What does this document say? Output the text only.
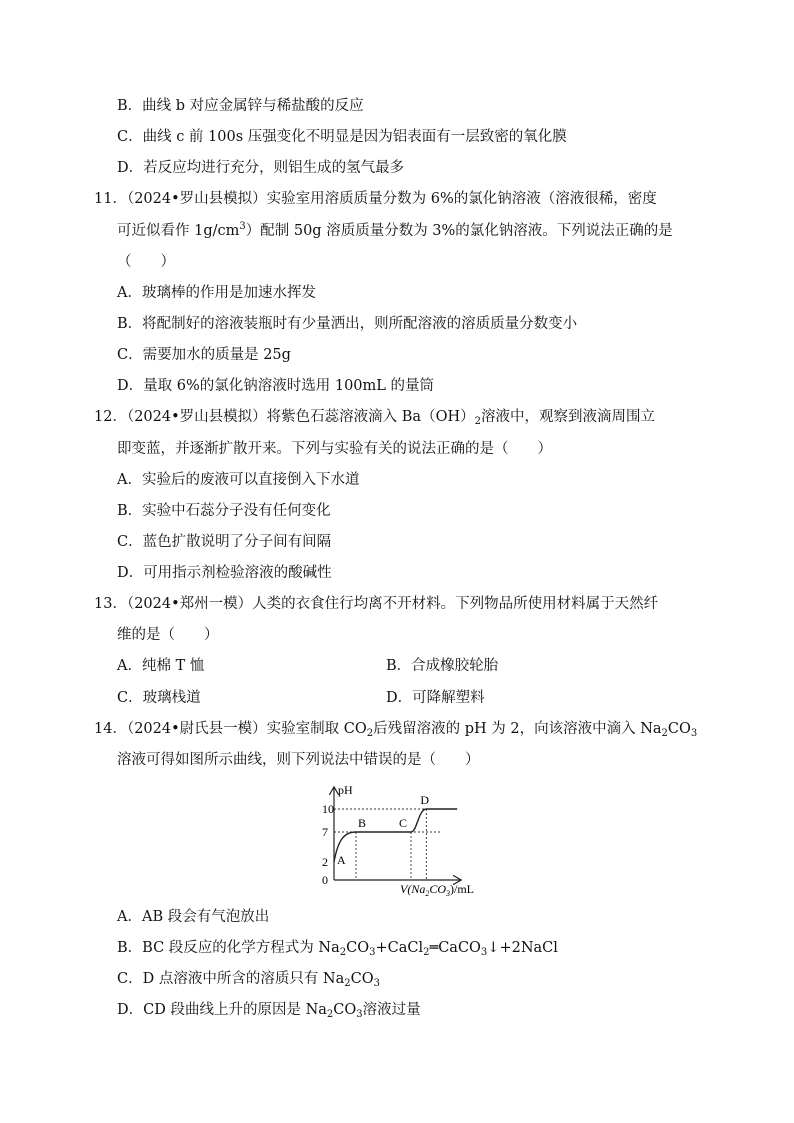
B．曲线 b 对应金属锌与稀盐酸的反应
C．曲线 c 前 100s 压强变化不明显是因为铝表面有一层致密的氧化膜
D．若反应均进行充分，则铝生成的氢气最多
11．（2024•罗山县模拟）实验室用溶质质量分数为 6%的氯化钠溶液（溶液很稀，密度
可近似看作 $1g/cm^3$）配制 50g 溶质质量分数为 3%的氯化钠溶液。下列说法正确的是
（　　）
A．玻璃棒的作用是加速水挥发
B．将配制好的溶液装瓶时有少量洒出，则所配溶液的溶质质量分数变小
C．需要加水的质量是 25g
D．量取 6%的氯化钠溶液时选用 100mL 的量筒
12．（2024•罗山县模拟）将紫色石蕊溶液滴入 $Ba(OH)_2$溶液中，观察到液滴周围立
即变蓝，并逐渐扩散开来。下列与实验有关的说法正确的是（　　）
A．实验后的废液可以直接倒入下水道
B．实验中石蕊分子没有任何变化
C．蓝色扩散说明了分子间有间隔
D．可用指示剂检验溶液的酸碱性
13．（2024•郑州一模）人类的衣食住行均离不开材料。下列物品所使用材料属于天然纤
维的是（　　）
A．纯棉 T 恤	B．合成橡胶轮胎
C．玻璃栈道	D．可降解塑料
14．（2024•尉氏县一模）实验室制取 $CO_2$后残留溶液的 pH 为 2，向该溶液中滴入 $Na_2CO_3$
溶液可得如图所示曲线，则下列说法中错误的是（　　）
0
2
7
10
A
B	C
D
pH
$V(Na_2CO_3)/mL$
A．AB 段会有气泡放出
B．BC 段反应的化学方程式为 $Na_2CO_3+CaCl_2═CaCO_3↓+2NaCl$
C．D 点溶液中所含的溶质只有 $Na_2CO_3$
D．CD 段曲线上升的原因是 $Na_2CO_3$溶液过量
